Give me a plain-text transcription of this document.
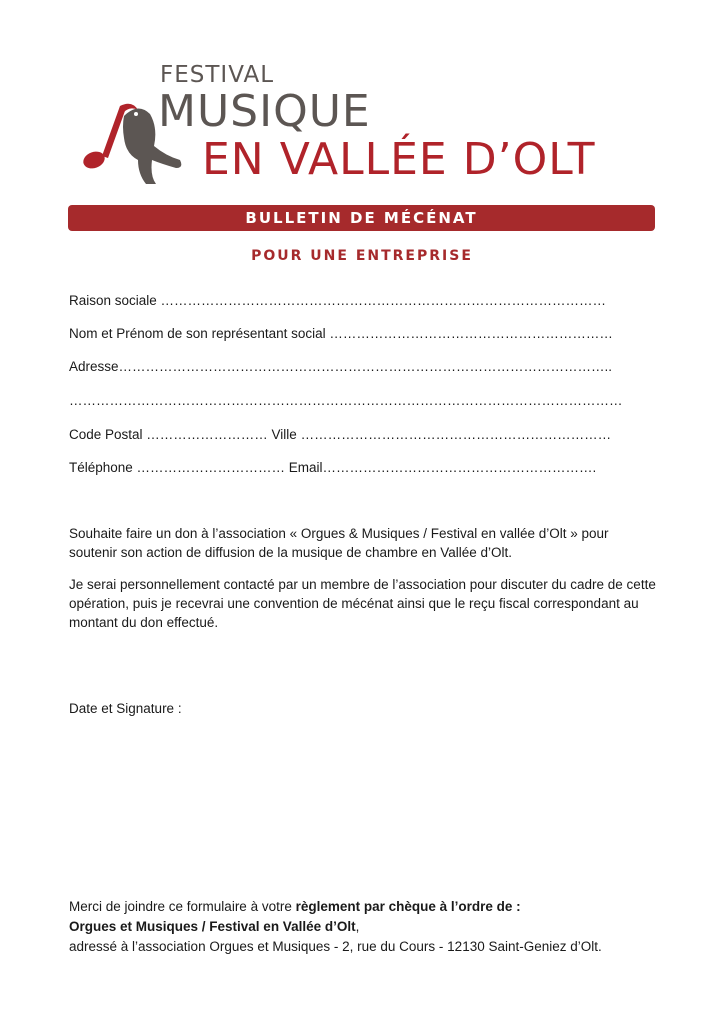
FESTIVAL
MUSIQUE
EN VALLÉE D’OLT
BULLETIN DE MÉCÉNAT
POUR UNE ENTREPRISE
Raison sociale ………………………………………………………………………………………
Nom et Prénom de son représentant social ………………………………………………………
Adresse………………………………………………………………………………………………..
……………………………………………………………………………………………………………
Code Postal ……………………… Ville ……………………………………………………………
Téléphone …………………………… Email…………………………………………………….
Souhaite faire un don à l’association « Orgues & Musiques / Festival en vallée d’Olt » pour soutenir son action de diffusion de la musique de chambre en Vallée d’Olt.
Je serai personnellement contacté par un membre de l’association pour discuter du cadre de cette opération, puis je recevrai une convention de mécénat ainsi que le reçu fiscal correspondant au montant du don effectué.
Date et Signature :
Merci de joindre ce formulaire à votre règlement par chèque à l’ordre de :
Orgues et Musiques / Festival en Vallée d’Olt,
adressé à l’association Orgues et Musiques - 2, rue du Cours - 12130 Saint-Geniez d’Olt.
